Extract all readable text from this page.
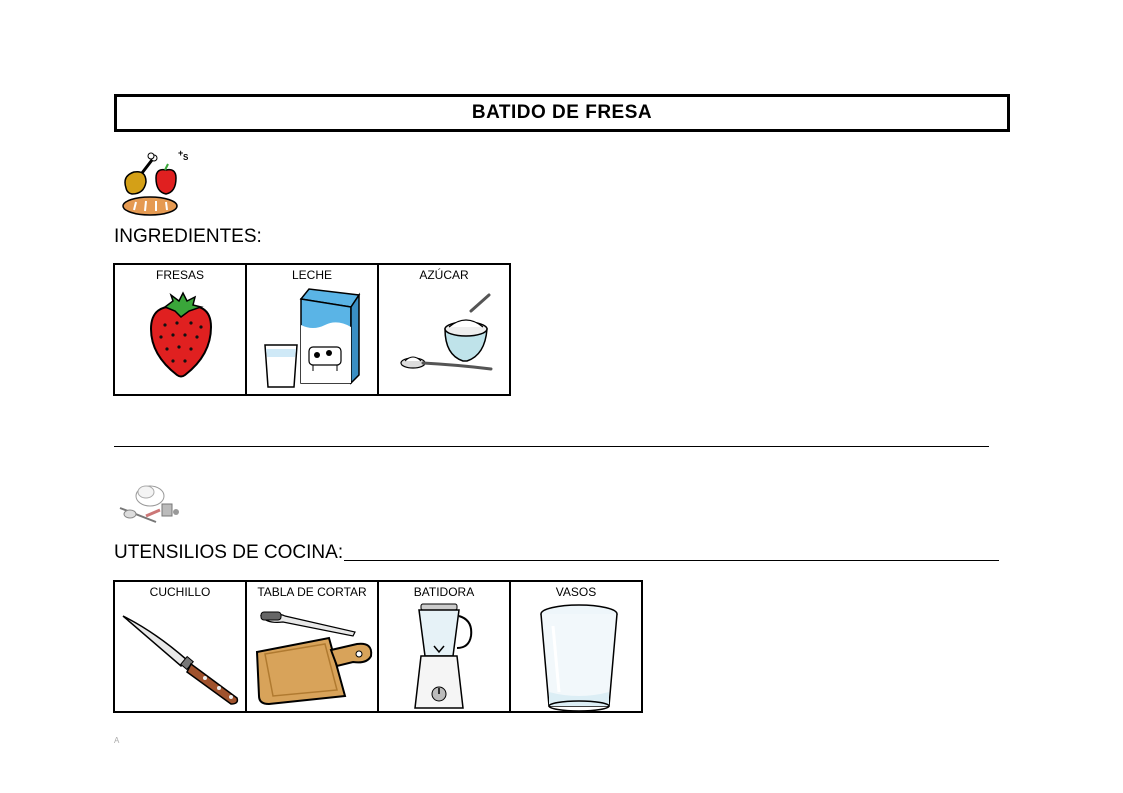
BATIDO DE FRESA
+ S
INGREDIENTES:
FRESAS	LECHE	AZÚCAR
UTENSILIOS DE COCINA:
CUCHILLO	TABLA DE CORTAR	BATIDORA	VASOS
A
